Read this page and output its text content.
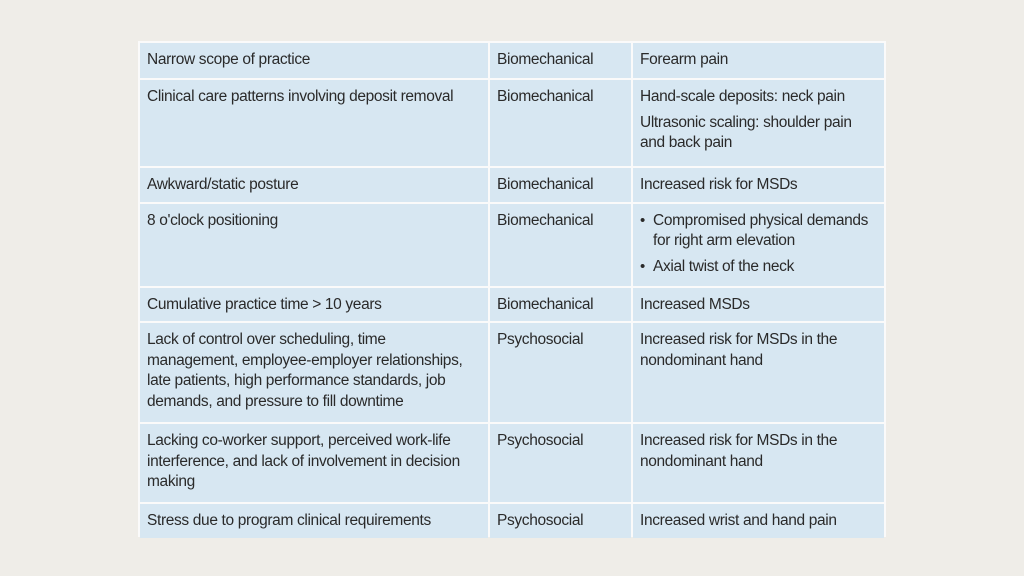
Narrow scope of practice	Biomechanical	Forearm pain

Clinical care patterns involving deposit removal	Biomechanical	Hand-scale deposits: neck pain
Ultrasonic scaling: shoulder pain and back pain

Awkward/static posture	Biomechanical	Increased risk for MSDs

8 o'clock positioning	Biomechanical	• Compromised physical demands for right arm elevation
• Axial twist of the neck

Cumulative practice time > 10 years	Biomechanical	Increased MSDs

Lack of control over scheduling, time management, employee-employer relationships, late patients, high performance standards, job demands, and pressure to fill downtime	Psychosocial	Increased risk for MSDs in the nondominant hand

Lacking co-worker support, perceived work-life interference, and lack of involvement in decision making	Psychosocial	Increased risk for MSDs in the nondominant hand

Stress due to program clinical requirements	Psychosocial	Increased wrist and hand pain
